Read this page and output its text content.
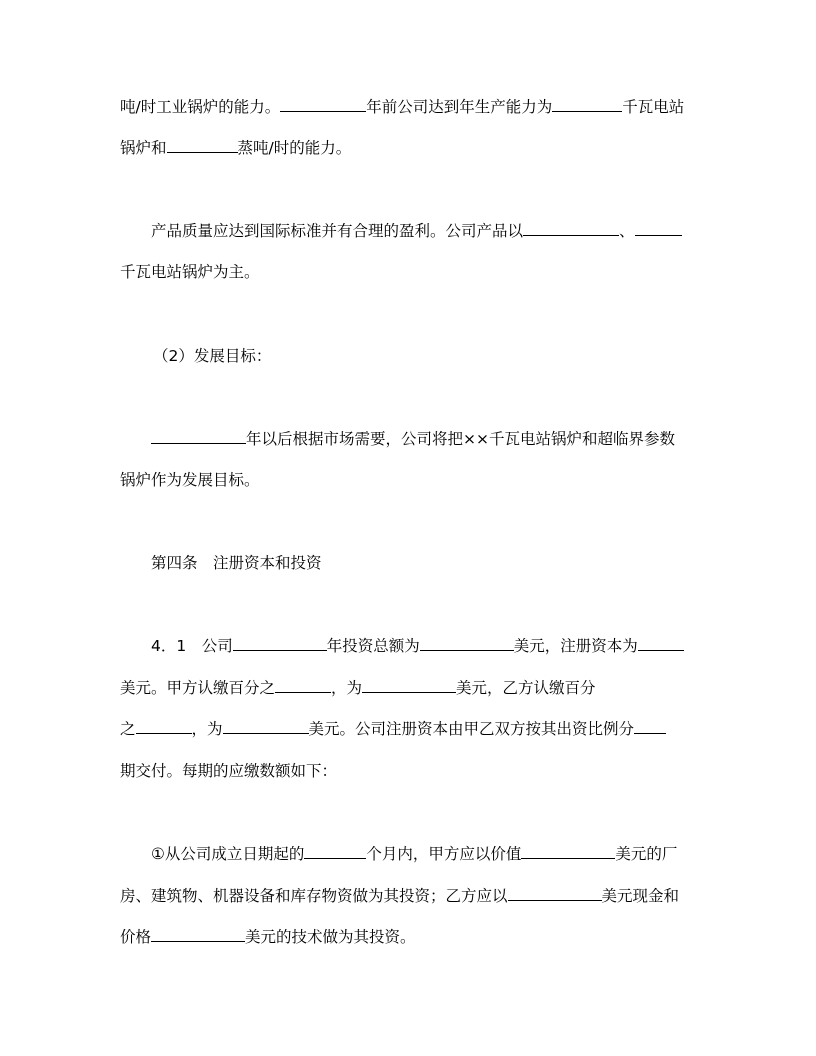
吨/时工业锅炉的能力。	年前公司达到年生产能力为	千瓦电站
锅炉和	蒸吨/时的能力。
产品质量应达到国际标准并有合理的盈利。公司产品以	、
千瓦电站锅炉为主。
（2）发展目标：
年以后根据市场需要，公司将把××千瓦电站锅炉和超临界参数
锅炉作为发展目标。
第四条　注册资本和投资
4．1　公司	年投资总额为	美元，注册资本为
美元。甲方认缴百分之	，为	美元，乙方认缴百分
之	，为	美元。公司注册资本由甲乙双方按其出资比例分
期交付。每期的应缴数额如下：
①从公司成立日期起的	个月内，甲方应以价值	美元的厂
房、建筑物、机器设备和库存物资做为其投资；乙方应以	美元现金和
价格	美元的技术做为其投资。
